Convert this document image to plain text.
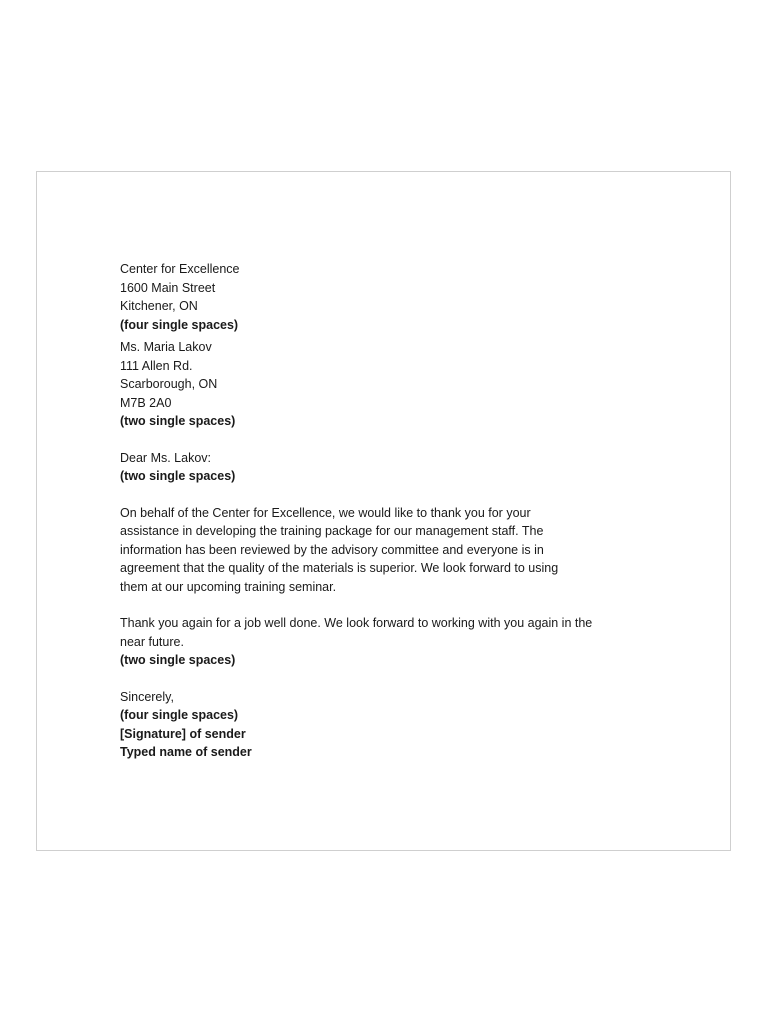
Center for Excellence
1600 Main Street
Kitchener, ON
(four single spaces)
Ms. Maria Lakov
111 Allen Rd.
Scarborough, ON
M7B 2A0
(two single spaces)
Dear Ms. Lakov:
(two single spaces)
On behalf of the Center for Excellence, we would like to thank you for your
assistance in developing the training package for our management staff. The
information has been reviewed by the advisory committee and everyone is in
agreement that the quality of the materials is superior. We look forward to using
them at our upcoming training seminar.
Thank you again for a job well done. We look forward to working with you again in the
near future.
(two single spaces)
Sincerely,
(four single spaces)
[Signature] of sender
Typed name of sender
